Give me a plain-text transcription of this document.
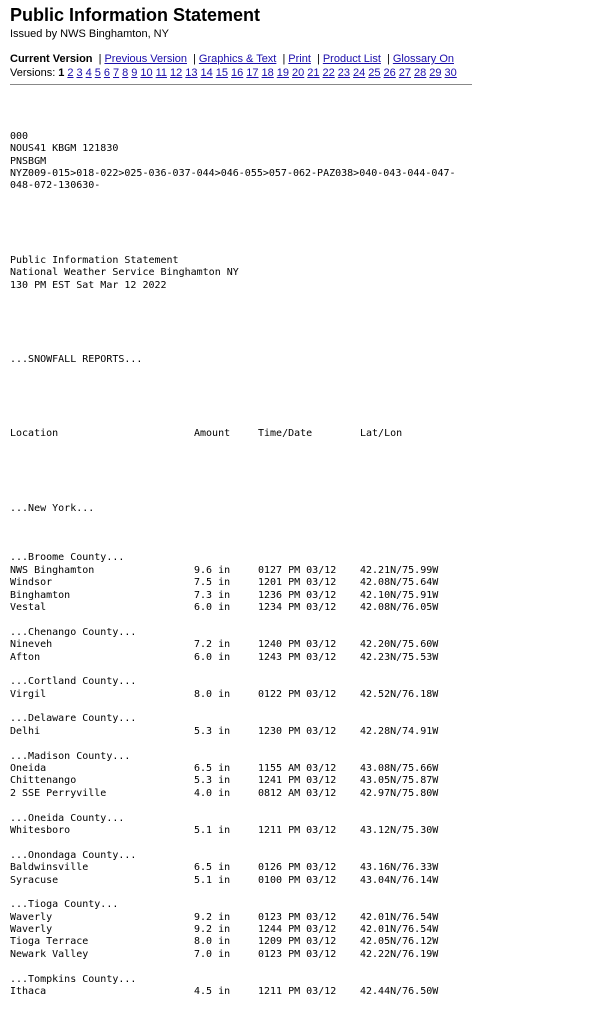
Public Information Statement
Issued by NWS Binghamton, NY
Current Version | Previous Version | Graphics & Text | Print | Product List | Glossary On
Versions: 1 2 3 4 5 6 7 8 9 10 11 12 13 14 15 16 17 18 19 20 21 22 23 24 25 26 27 28 29 30

000
NOUS41 KBGM 121830
PNSBGM
NYZ009-015>018-022>025-036-037-044>046-055>057-062-PAZ038>040-043-044-047-
048-072-130630-

Public Information Statement
National Weather Service Binghamton NY
130 PM EST Sat Mar 12 2022

...SNOWFALL REPORTS...

Location	Amount	Time/Date	Lat/Lon

...New York...

...Broome County...
NWS Binghamton	9.6 in	0127 PM 03/12	42.21N/75.99W
Windsor	7.5 in	1201 PM 03/12	42.08N/75.64W
Binghamton	7.3 in	1236 PM 03/12	42.10N/75.91W
Vestal	6.0 in	1234 PM 03/12	42.08N/76.05W
...Chenango County...
Nineveh	7.2 in	1240 PM 03/12	42.20N/75.60W
Afton	6.0 in	1243 PM 03/12	42.23N/75.53W
...Cortland County...
Virgil	8.0 in	0122 PM 03/12	42.52N/76.18W
...Delaware County...
Delhi	5.3 in	1230 PM 03/12	42.28N/74.91W
...Madison County...
Oneida	6.5 in	1155 AM 03/12	43.08N/75.66W
Chittenango	5.3 in	1241 PM 03/12	43.05N/75.87W
2 SSE Perryville	4.0 in	0812 AM 03/12	42.97N/75.80W
...Oneida County...
Whitesboro	5.1 in	1211 PM 03/12	43.12N/75.30W
...Onondaga County...
Baldwinsville	6.5 in	0126 PM 03/12	43.16N/76.33W
Syracuse	5.1 in	0100 PM 03/12	43.04N/76.14W
...Tioga County...
Waverly	9.2 in	0123 PM 03/12	42.01N/76.54W
Waverly	9.2 in	1244 PM 03/12	42.01N/76.54W
Tioga Terrace	8.0 in	1209 PM 03/12	42.05N/76.12W
Newark Valley	7.0 in	0123 PM 03/12	42.22N/76.19W
...Tompkins County...
Ithaca	4.5 in	1211 PM 03/12	42.44N/76.50W
